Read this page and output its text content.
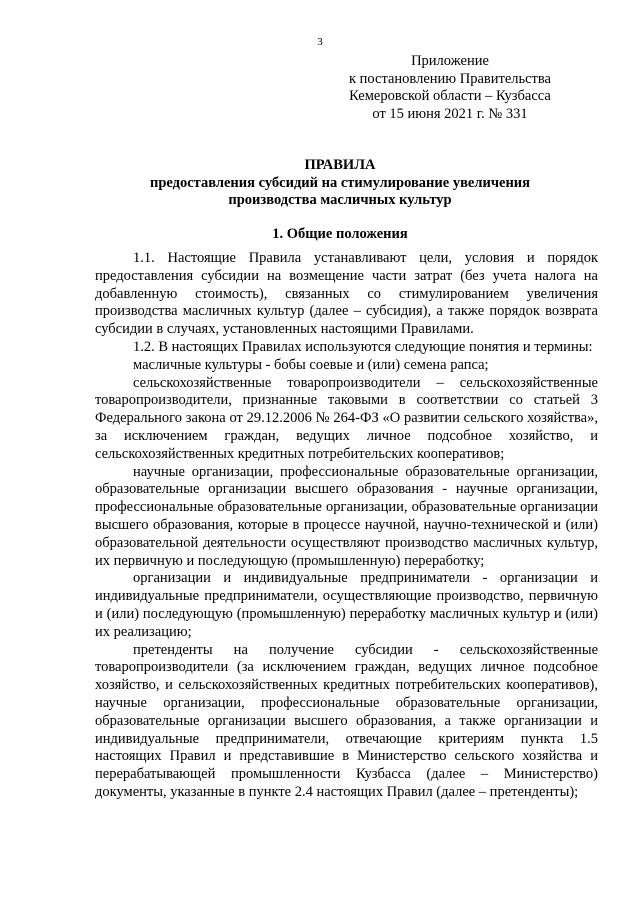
3
Приложение
к постановлению Правительства
Кемеровской области – Кузбасса
от 15 июня 2021 г. № 331
ПРАВИЛА
предоставления субсидий на стимулирование увеличения
производства масличных культур
1. Общие положения

1.1. Настоящие Правила устанавливают цели, условия и порядок предоставления субсидии на возмещение части затрат (без учета налога на добавленную стоимость), связанных со стимулированием увеличения производства масличных культур (далее – субсидия), а также порядок возврата субсидии в случаях, установленных настоящими Правилами.

1.2. В настоящих Правилах используются следующие понятия и термины:

масличные культуры - бобы соевые и (или) семена рапса;

сельскохозяйственные товаропроизводители – сельскохозяйственные товаропроизводители, признанные таковыми в соответствии со статьей 3 Федерального закона от 29.12.2006 № 264-ФЗ «О развитии сельского хозяйства», за исключением граждан, ведущих личное подсобное хозяйство, и сельскохозяйственных кредитных потребительских кооперативов;

научные организации, профессиональные образовательные организации, образовательные организации высшего образования - научные организации, профессиональные образовательные организации, образовательные организации высшего образования, которые в процессе научной, научно-технической и (или) образовательной деятельности осуществляют производство масличных культур, их первичную и последующую (промышленную) переработку;

организации и индивидуальные предприниматели - организации и индивидуальные предприниматели, осуществляющие производство, первичную и (или) последующую (промышленную) переработку масличных культур и (или) их реализацию;

претенденты на получение субсидии - сельскохозяйственные товаропроизводители (за исключением граждан, ведущих личное подсобное хозяйство, и сельскохозяйственных кредитных потребительских кооперативов), научные организации, профессиональные образовательные организации, образовательные организации высшего образования, а также организации и индивидуальные предприниматели, отвечающие критериям пункта 1.5 настоящих Правил и представившие в Министерство сельского хозяйства и перерабатывающей промышленности Кузбасса (далее – Министерство) документы, указанные в пункте 2.4 настоящих Правил (далее – претенденты);
